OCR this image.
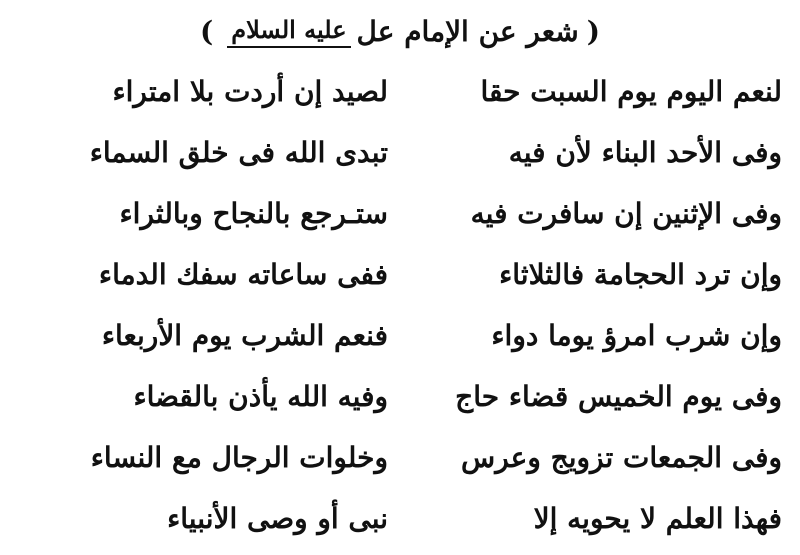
(
شعر عن الإمام عل
عليه السلام
)
لنعم اليوم يوم السبت حقا
لصيد إن أردت بلا امتراء
وفى الأحد البناء لأن فيه
تبدى الله فى خلق السماء
وفى الإثنين إن سافرت فيه
ستـرجع بالنجاح وبالثراء
وإن ترد الحجامة فالثلاثاء
ففى ساعاته سفك الدماء
وإن شرب امرؤ يوما دواء
فنعم الشرب يوم الأربعاء
وفى يوم الخميس قضاء حاج
وفيه الله يأذن بالقضاء
وفى الجمعات تزويج وعرس
وخلوات الرجال مع النساء
فهذا العلم لا يحويه إلا
نبى أو وصى الأنبياء
